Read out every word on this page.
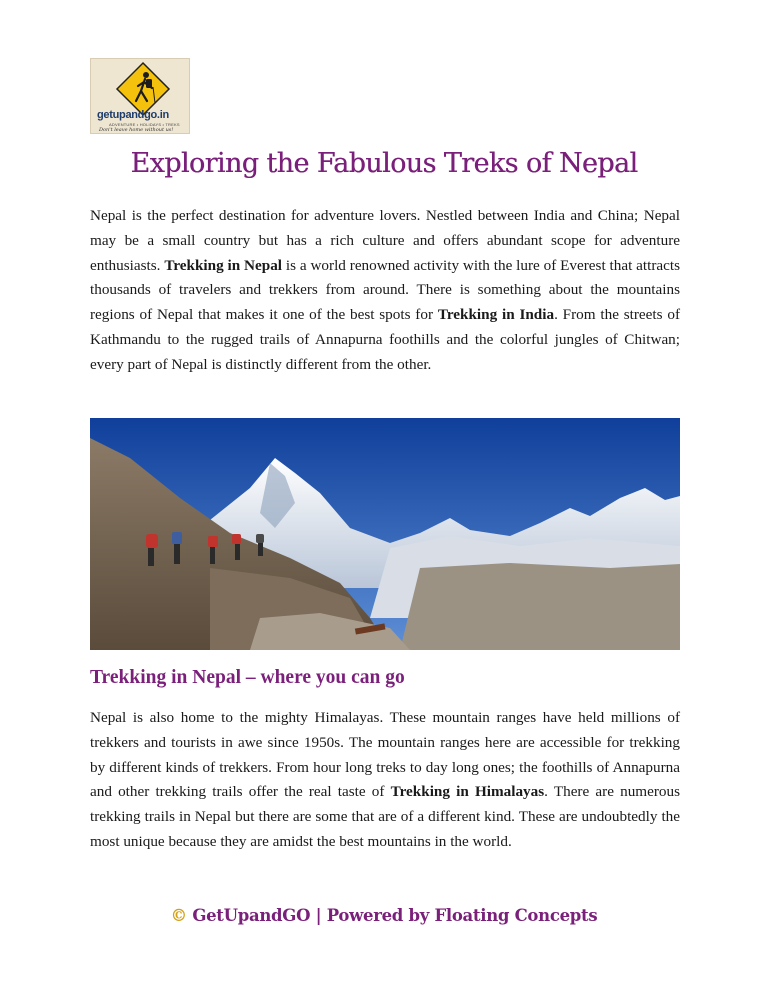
getupandgo.in
ADVENTURE • HOLIDAYS • TREKS
Don't leave home without us!
Exploring the Fabulous Treks of Nepal

Nepal is the perfect destination for adventure lovers. Nestled between India and China; Nepal may be a small country but has a rich culture and offers abundant scope for adventure enthusiasts. Trekking in Nepal is a world renowned activity with the lure of Everest that attracts thousands of travelers and trekkers from around. There is something about the mountains regions of Nepal that makes it one of the best spots for Trekking in India. From the streets of Kathmandu to the rugged trails of Annapurna foothills and the colorful jungles of Chitwan; every part of Nepal is distinctly different from the other.

Trekking in Nepal – where you can go

Nepal is also home to the mighty Himalayas. These mountain ranges have held millions of trekkers and tourists in awe since 1950s. The mountain ranges here are accessible for trekking by different kinds of trekkers. From hour long treks to day long ones; the foothills of Annapurna and other trekking trails offer the real taste of Trekking in Himalayas. There are numerous trekking trails in Nepal but there are some that are of a different kind. These are undoubtedly the most unique because they are amidst the best mountains in the world.

© GetUpandGO | Powered by Floating Concepts
